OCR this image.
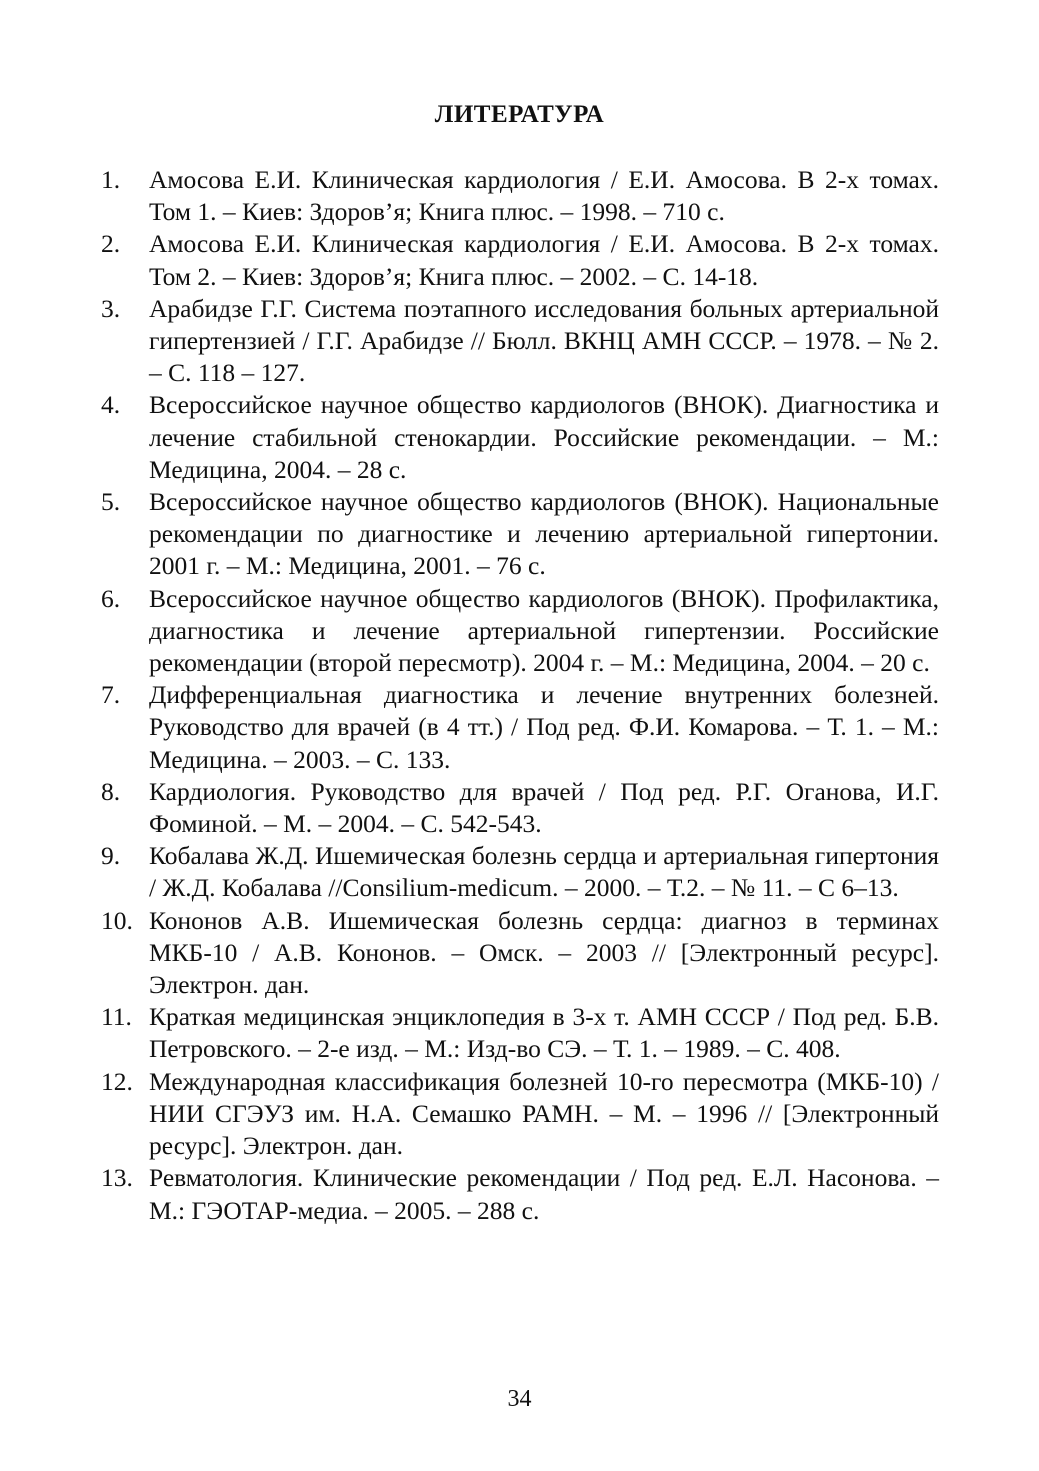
ЛИТЕРАТУРА
1. Амосова Е.И. Клиническая кардиология / Е.И. Амосова. В 2-х томах. Том 1. – Киев: Здоров’я; Книга плюс. – 1998. – 710 с.
2. Амосова Е.И. Клиническая кардиология / Е.И. Амосова. В 2-х томах. Том 2. – Киев: Здоров’я; Книга плюс. – 2002. – С. 14-18.
3. Арабидзе Г.Г. Система поэтапного исследования больных артериальной гипертензией / Г.Г. Арабидзе // Бюлл. ВКНЦ АМН СССР. – 1978. – № 2. – С. 118 – 127.
4. Всероссийское научное общество кардиологов (ВНОК). Диагностика и лечение стабильной стенокардии. Российские рекомендации. – М.: Медицина, 2004. – 28 с.
5. Всероссийское научное общество кардиологов (ВНОК). Национальные рекомендации по диагностике и лечению артериальной гипертонии. 2001 г. – М.: Медицина, 2001. – 76 с.
6. Всероссийское научное общество кардиологов (ВНОК). Профилактика, диагностика и лечение артериальной гипертензии. Российские рекомендации (второй пересмотр). 2004 г. – М.: Медицина, 2004. – 20 с.
7. Дифференциальная диагностика и лечение внутренних болезней. Руководство для врачей (в 4 тт.) / Под ред. Ф.И. Комарова. – Т. 1. – М.: Медицина. – 2003. – С. 133.
8. Кардиология. Руководство для врачей / Под ред. Р.Г. Оганова, И.Г. Фоминой. – М. – 2004. – С. 542-543.
9. Кобалава Ж.Д. Ишемическая болезнь сердца и артериальная гипертония / Ж.Д. Кобалава //Consilium-medicum. – 2000. – Т.2. – № 11. – С 6–13.
10. Кононов А.В. Ишемическая болезнь сердца: диагноз в терминах МКБ-10 / А.В. Кононов. – Омск. – 2003 // [Электронный ресурс]. Электрон. дан.
11. Краткая медицинская энциклопедия в 3-х т. АМН СССР / Под ред. Б.В. Петровского. – 2-е изд. – М.: Изд-во СЭ. – Т. 1. – 1989. – С. 408.
12. Международная классификация болезней 10-го пересмотра (МКБ-10) / НИИ СГЭУЗ им. Н.А. Семашко РАМН. – М. – 1996 // [Электронный ресурс]. Электрон. дан.
13. Ревматология. Клинические рекомендации / Под ред. Е.Л. Насонова. – М.: ГЭОТАР-медиа. – 2005. – 288 с.
34
